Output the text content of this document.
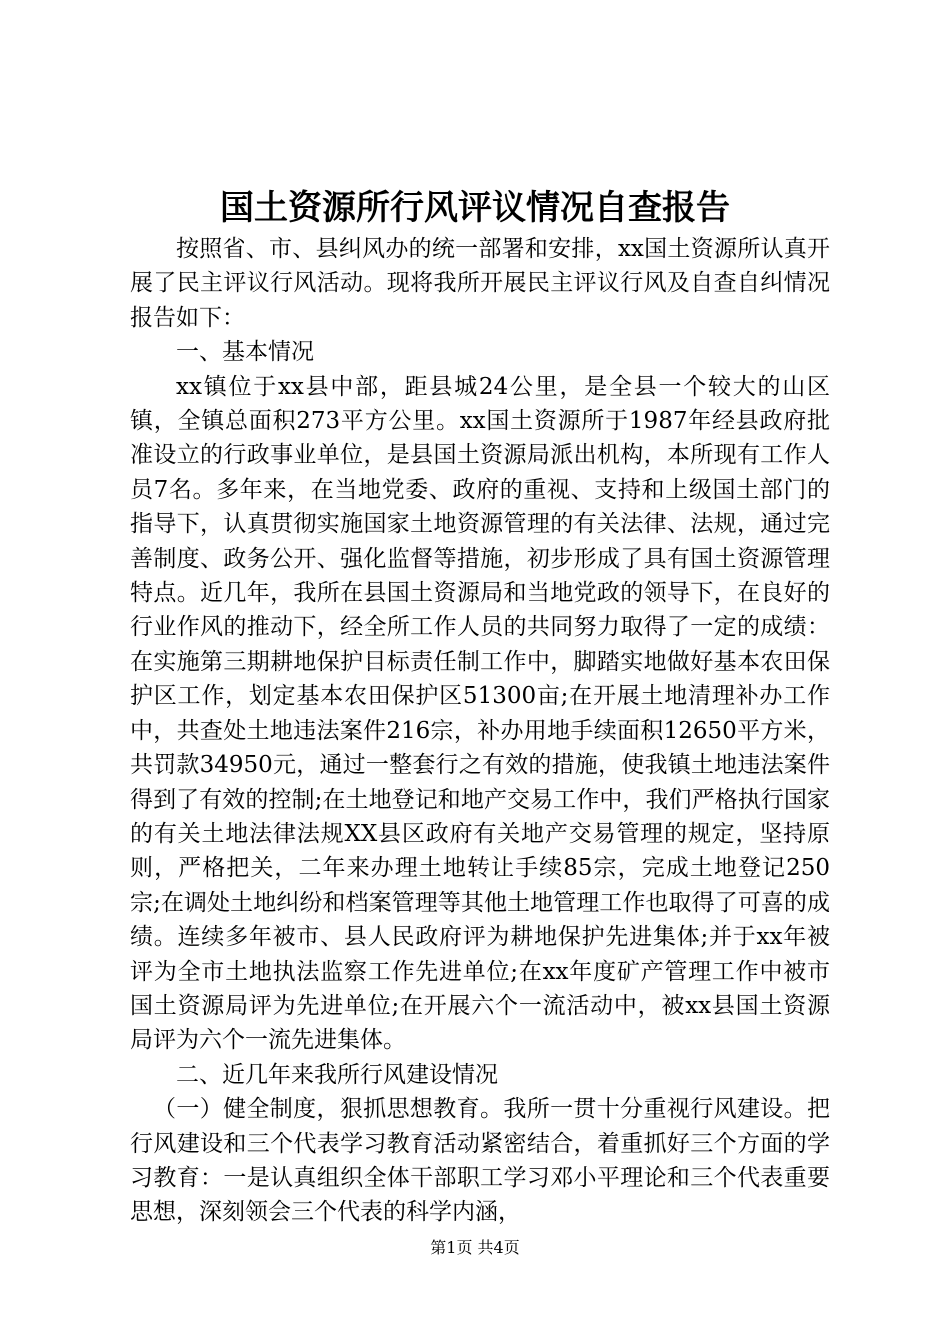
国土资源所行风评议情况自查报告

按照省、市、县纠风办的统一部署和安排，xx国土资源所认真开展了民主评议行风活动。现将我所开展民主评议行风及自查自纠情况报告如下：

一、基本情况

xx镇位于xx县中部，距县城24公里，是全县一个较大的山区镇，全镇总面积273平方公里。xx国土资源所于1987年经县政府批准设立的行政事业单位，是县国土资源局派出机构，本所现有工作人员7名。多年来，在当地党委、政府的重视、支持和上级国土部门的指导下，认真贯彻实施国家土地资源管理的有关法律、法规，通过完善制度、政务公开、强化监督等措施，初步形成了具有国土资源管理特点。近几年，我所在县国土资源局和当地党政的领导下，在良好的行业作风的推动下，经全所工作人员的共同努力取得了一定的成绩：在实施第三期耕地保护目标责任制工作中，脚踏实地做好基本农田保护区工作，划定基本农田保护区51300亩;在开展土地清理补办工作中，共查处土地违法案件216宗，补办用地手续面积12650平方米，共罚款34950元，通过一整套行之有效的措施，使我镇土地违法案件得到了有效的控制;在土地登记和地产交易工作中，我们严格执行国家的有关土地法律法规XX县区政府有关地产交易管理的规定，坚持原则，严格把关，二年来办理土地转让手续85宗，完成土地登记250宗;在调处土地纠纷和档案管理等其他土地管理工作也取得了可喜的成绩。连续多年被市、县人民政府评为耕地保护先进集体;并于xx年被评为全市土地执法监察工作先进单位;在xx年度矿产管理工作中被市国土资源局评为先进单位;在开展六个一流活动中，被xx县国土资源局评为六个一流先进集体。

二、近几年来我所行风建设情况

（一）健全制度，狠抓思想教育。我所一贯十分重视行风建设。把行风建设和三个代表学习教育活动紧密结合，着重抓好三个方面的学习教育：一是认真组织全体干部职工学习邓小平理论和三个代表重要思想，深刻领会三个代表的科学内涵，

第1页 共4页
